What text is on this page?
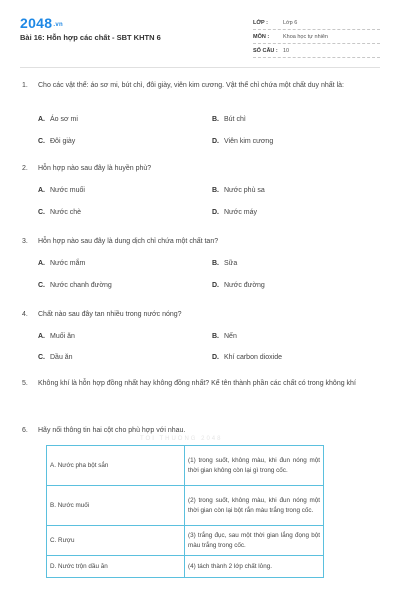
2048.vn
Bài 16: Hỗn hợp các chất - SBT KHTN 6
LỚP :	Lớp 6
MÔN :	Khoa học tự nhiên
SỐ CÂU : 10
1.	Cho các vật thể: áo sơ mi, bút chì, đôi giày, viên kim cương. Vật thể chỉ chứa một chất duy nhất là:
A. Áo sơ mi	B. Bút chì
C. Đôi giày	D. Viên kim cương
2.	Hỗn hợp nào sau đây là huyền phù?
A. Nước muối	B. Nước phù sa
C. Nước chè	D. Nước máy
3.	Hỗn hợp nào sau đây là dung dịch chỉ chứa một chất tan?
A. Nước mắm	B. Sữa
C. Nước chanh đường	D. Nước đường
4.	Chất nào sau đây tan nhiều trong nước nóng?
A. Muối ăn	B. Nến
C. Dầu ăn	D. Khí carbon dioxide
5.	Không khí là hỗn hợp đồng nhất hay không đồng nhất? Kể tên thành phần các chất có trong không khí
6.	Hãy nối thông tin hai cột cho phù hợp với nhau.
TOI THUONG 2048
A. Nước pha bột sắn	(1) trong suốt, không màu, khi đun nóng một thời gian không còn lại gì trong cốc.
B. Nước muối	(2) trong suốt, không màu, khi đun nóng một thời gian còn lại bột rắn màu trắng trong cốc.
C. Rượu	(3) trắng đục, sau một thời gian lắng đọng bột màu trắng trong cốc.
D. Nước trộn dầu ăn	(4) tách thành 2 lớp chất lỏng.
